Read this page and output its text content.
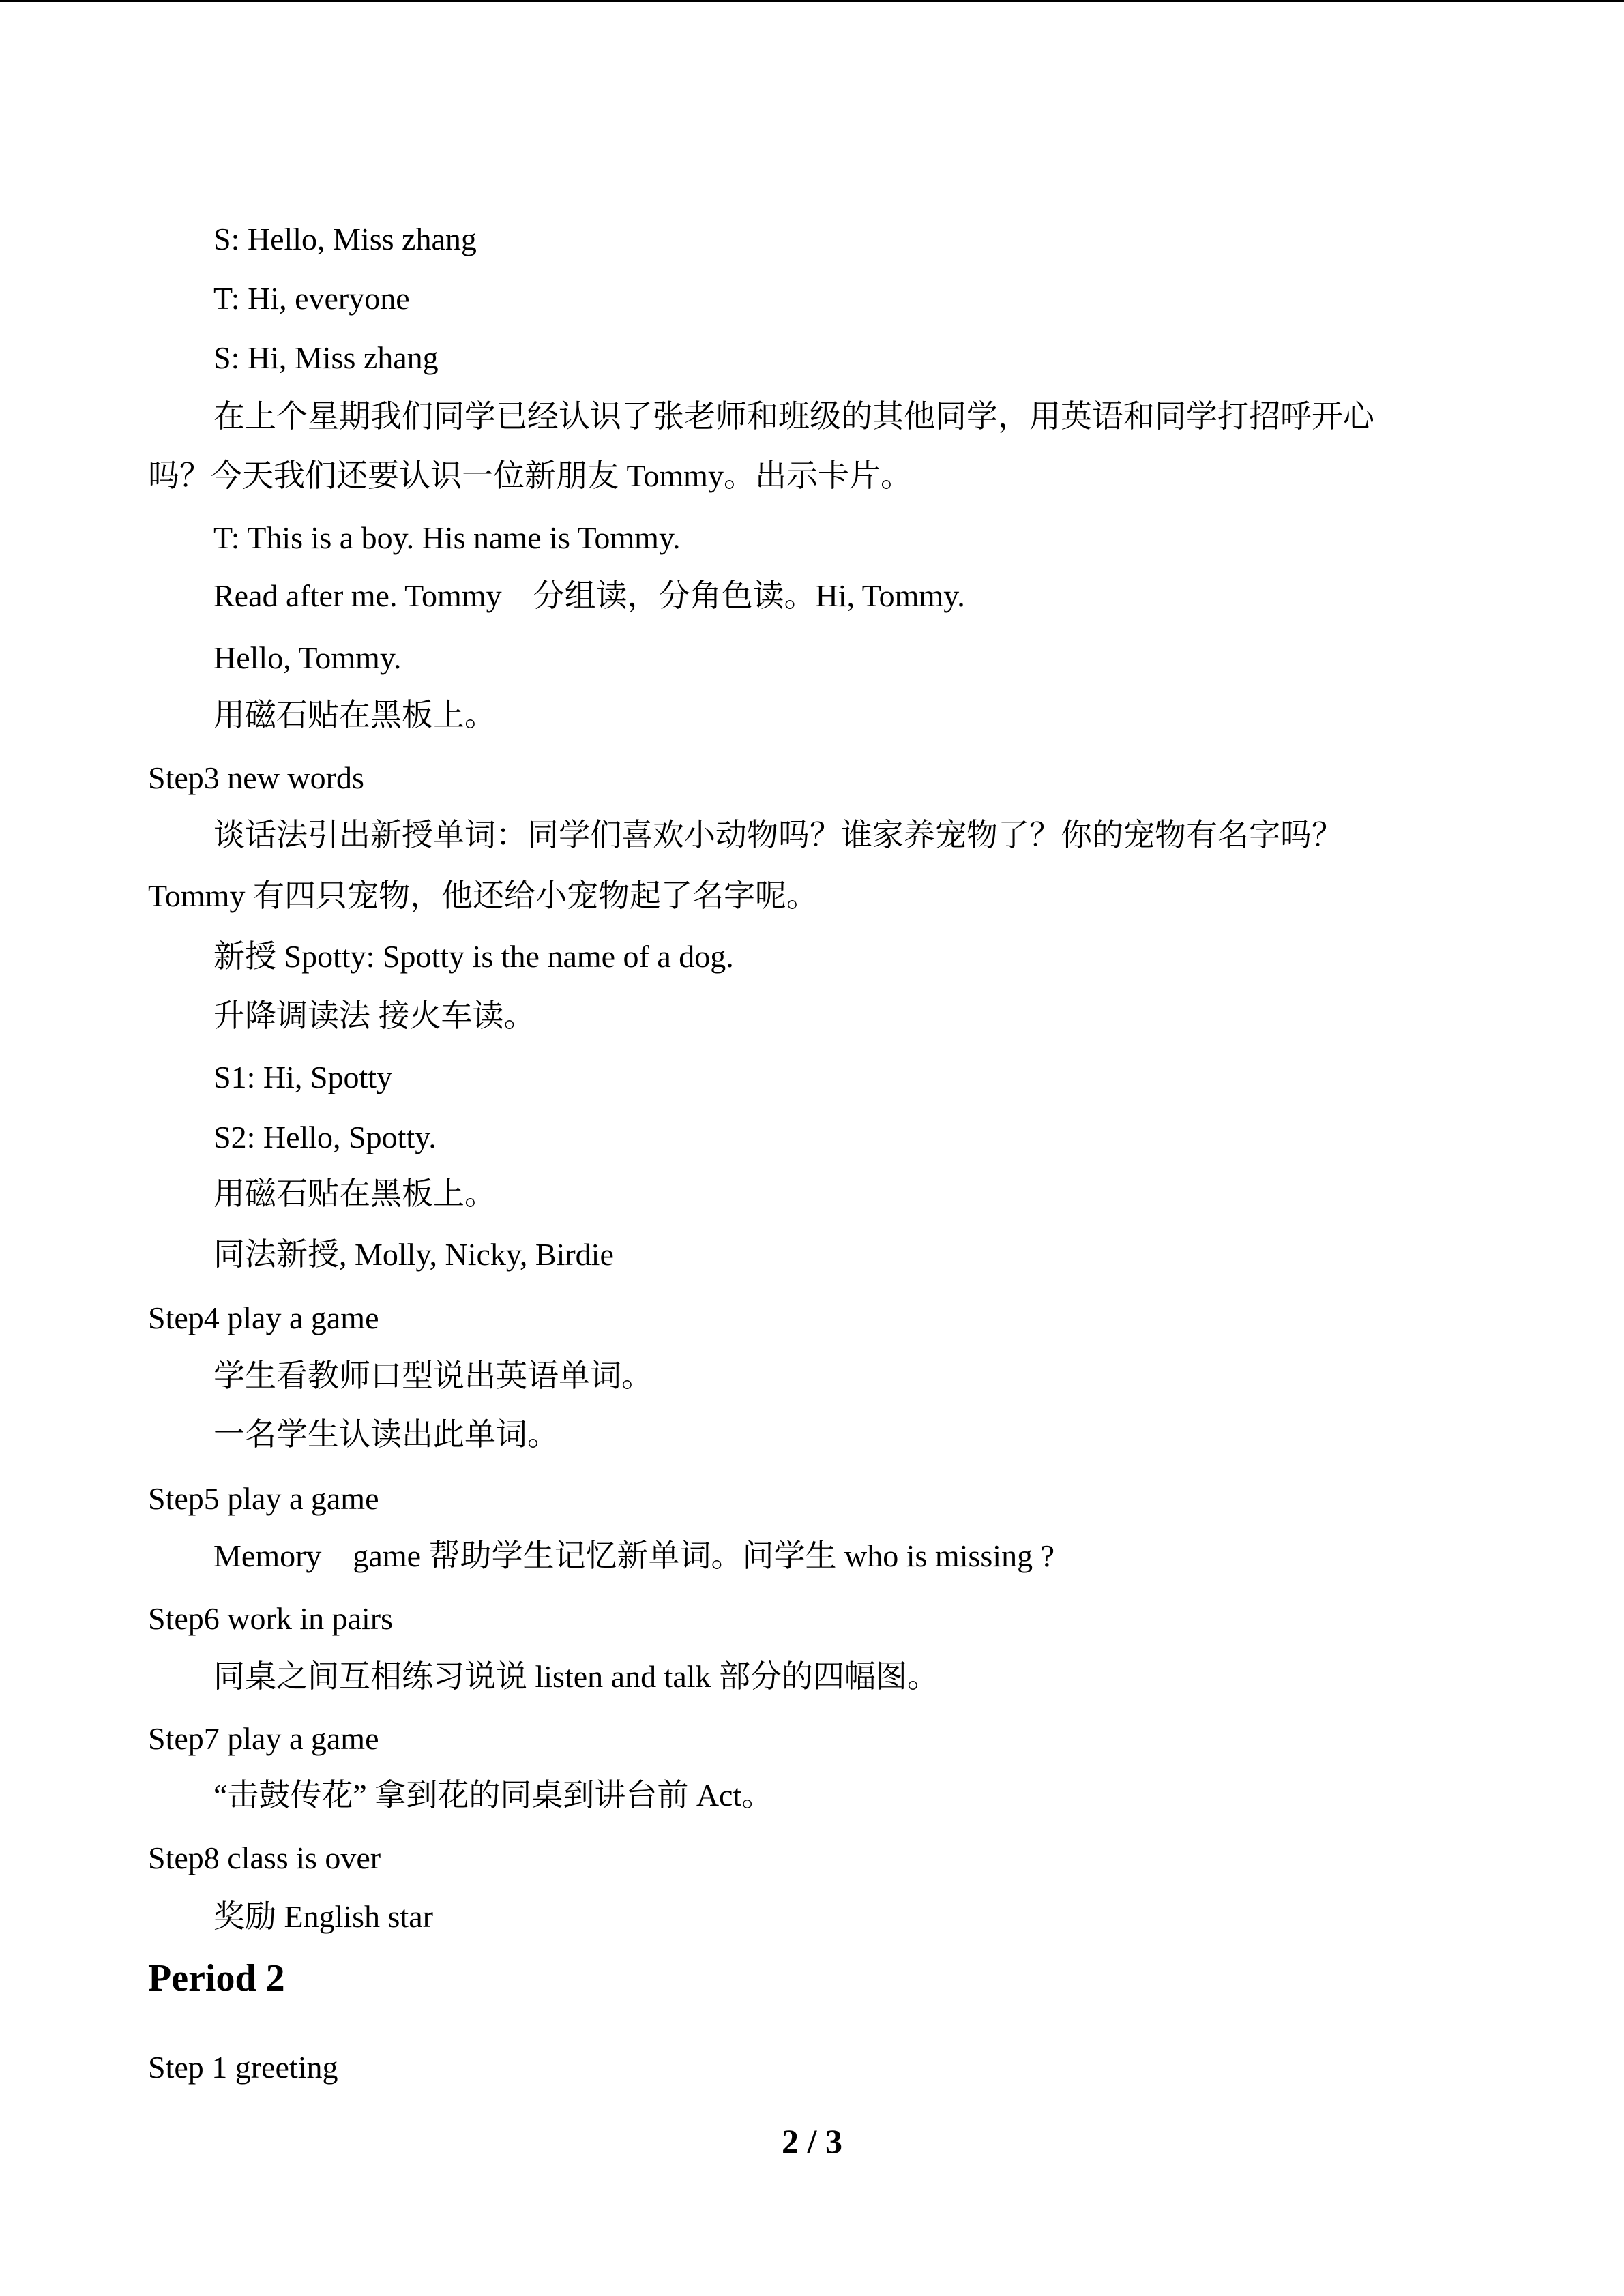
S: Hello, Miss zhang
T: Hi, everyone
S: Hi, Miss zhang
在上个星期我们同学已经认识了张老师和班级的其他同学，用英语和同学打招呼开心
吗？今天我们还要认识一位新朋友 Tommy。出示卡片。
T: This is a boy. His name is Tommy.
Read after me. Tommy　分组读，分角色读。Hi, Tommy.
Hello, Tommy.
用磁石贴在黑板上。
Step3 new words
谈话法引出新授单词：同学们喜欢小动物吗？谁家养宠物了？你的宠物有名字吗？
Tommy 有四只宠物，他还给小宠物起了名字呢。
新授 Spotty: Spotty is the name of a dog.
升降调读法 接火车读。
S1: Hi, Spotty
S2: Hello, Spotty.
用磁石贴在黑板上。
同法新授, Molly, Nicky, Birdie
Step4 play a game
学生看教师口型说出英语单词。
一名学生认读出此单词。
Step5 play a game
Memory　game 帮助学生记忆新单词。问学生 who is missing ?
Step6 work in pairs
同桌之间互相练习说说 listen and talk 部分的四幅图。
Step7 play a game
“击鼓传花” 拿到花的同桌到讲台前 Act。
Step8 class is over
奖励 English star
Period 2
Step 1 greeting
2 / 3
